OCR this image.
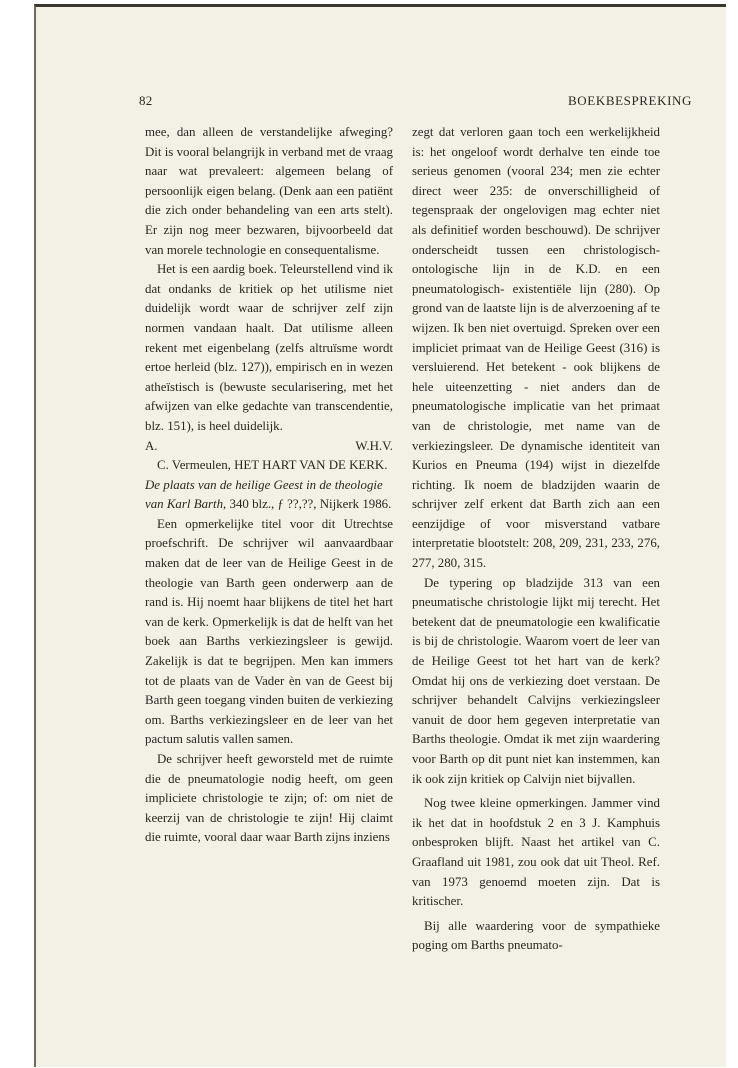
82	BOEKBESPREKING

mee, dan alleen de verstandelijke afweging? Dit is vooral belangrijk in verband met de vraag naar wat prevaleert: algemeen belang of persoonlijk eigen belang. (Denk aan een patiënt die zich onder behandeling van een arts stelt). Er zijn nog meer bezwaren, bijvoorbeeld dat van morele technologie en consequentalisme.

Het is een aardig boek. Teleurstellend vind ik dat ondanks de kritiek op het utilisme niet duidelijk wordt waar de schrijver zelf zijn normen vandaan haalt. Dat utilisme alleen rekent met eigenbelang (zelfs altruïsme wordt ertoe herleid (blz. 127)), empirisch en in wezen atheïstisch is (bewuste secularisering, met het afwijzen van elke gedachte van transcendentie, blz. 151), is heel duidelijk.

A.	W.H.V.

C. Vermeulen, HET HART VAN DE KERK. De plaats van de heilige Geest in de theologie van Karl Barth, 340 blz., ƒ ??,??, Nijkerk 1986.

Een opmerkelijke titel voor dit Utrechtse proefschrift. De schrijver wil aanvaardbaar maken dat de leer van de Heilige Geest in de theologie van Barth geen onderwerp aan de rand is. Hij noemt haar blijkens de titel het hart van de kerk. Opmerkelijk is dat de helft van het boek aan Barths verkiezingsleer is gewijd. Zakelijk is dat te begrijpen. Men kan immers tot de plaats van de Vader èn van de Geest bij Barth geen toegang vinden buiten de verkiezing om. Barths verkiezingsleer en de leer van het pactum salutis vallen samen.

De schrijver heeft geworsteld met de ruimte die de pneumatologie nodig heeft, om geen impliciete christologie te zijn; of: om niet de keerzij van de christologie te zijn! Hij claimt die ruimte, vooral daar waar Barth zijns inziens

zegt dat verloren gaan toch een werkelijkheid is: het ongeloof wordt derhalve ten einde toe serieus genomen (vooral 234; men zie echter direct weer 235: de onverschilligheid of tegenspraak der ongelovigen mag echter niet als definitief worden beschouwd). De schrijver onderscheidt tussen een christologischontologische lijn in de K.D. en een pneumatologisch- existentiële lijn (280). Op grond van de laatste lijn is de alverzoening af te wijzen. Ik ben niet overtuigd. Spreken over een impliciet primaat van de Heilige Geest (316) is versluierend. Het betekent - ook blijkens de hele uiteenzetting - niet anders dan de pneumatologische implicatie van het primaat van de christologie, met name van de verkiezingsleer. De dynamische identiteit van Kurios en Pneuma (194) wijst in diezelfde richting. Ik noem de bladzijden waarin de schrijver zelf erkent dat Barth zich aan een eenzijdige of voor misverstand vatbare interpretatie blootstelt: 208, 209, 231, 233, 276, 277, 280, 315.

De typering op bladzijde 313 van een pneumatische christologie lijkt mij terecht. Het betekent dat de pneumatologie een kwalificatie is bij de christologie. Waarom voert de leer van de Heilige Geest tot het hart van de kerk? Omdat hij ons de verkiezing doet verstaan. De schrijver behandelt Calvijns verkiezingsleer vanuit de door hem gegeven interpretatie van Barths theologie. Omdat ik met zijn waardering voor Barth op dit punt niet kan instemmen, kan ik ook zijn kritiek op Calvijn niet bijvallen.

Nog twee kleine opmerkingen. Jammer vind ik het dat in hoofdstuk 2 en 3 J. Kamphuis onbesproken blijft. Naast het artikel van C. Graafland uit 1981, zou ook dat uit Theol. Ref. van 1973 genoemd moeten zijn. Dat is kritischer.

Bij alle waardering voor de sympathieke poging om Barths pneumato-
